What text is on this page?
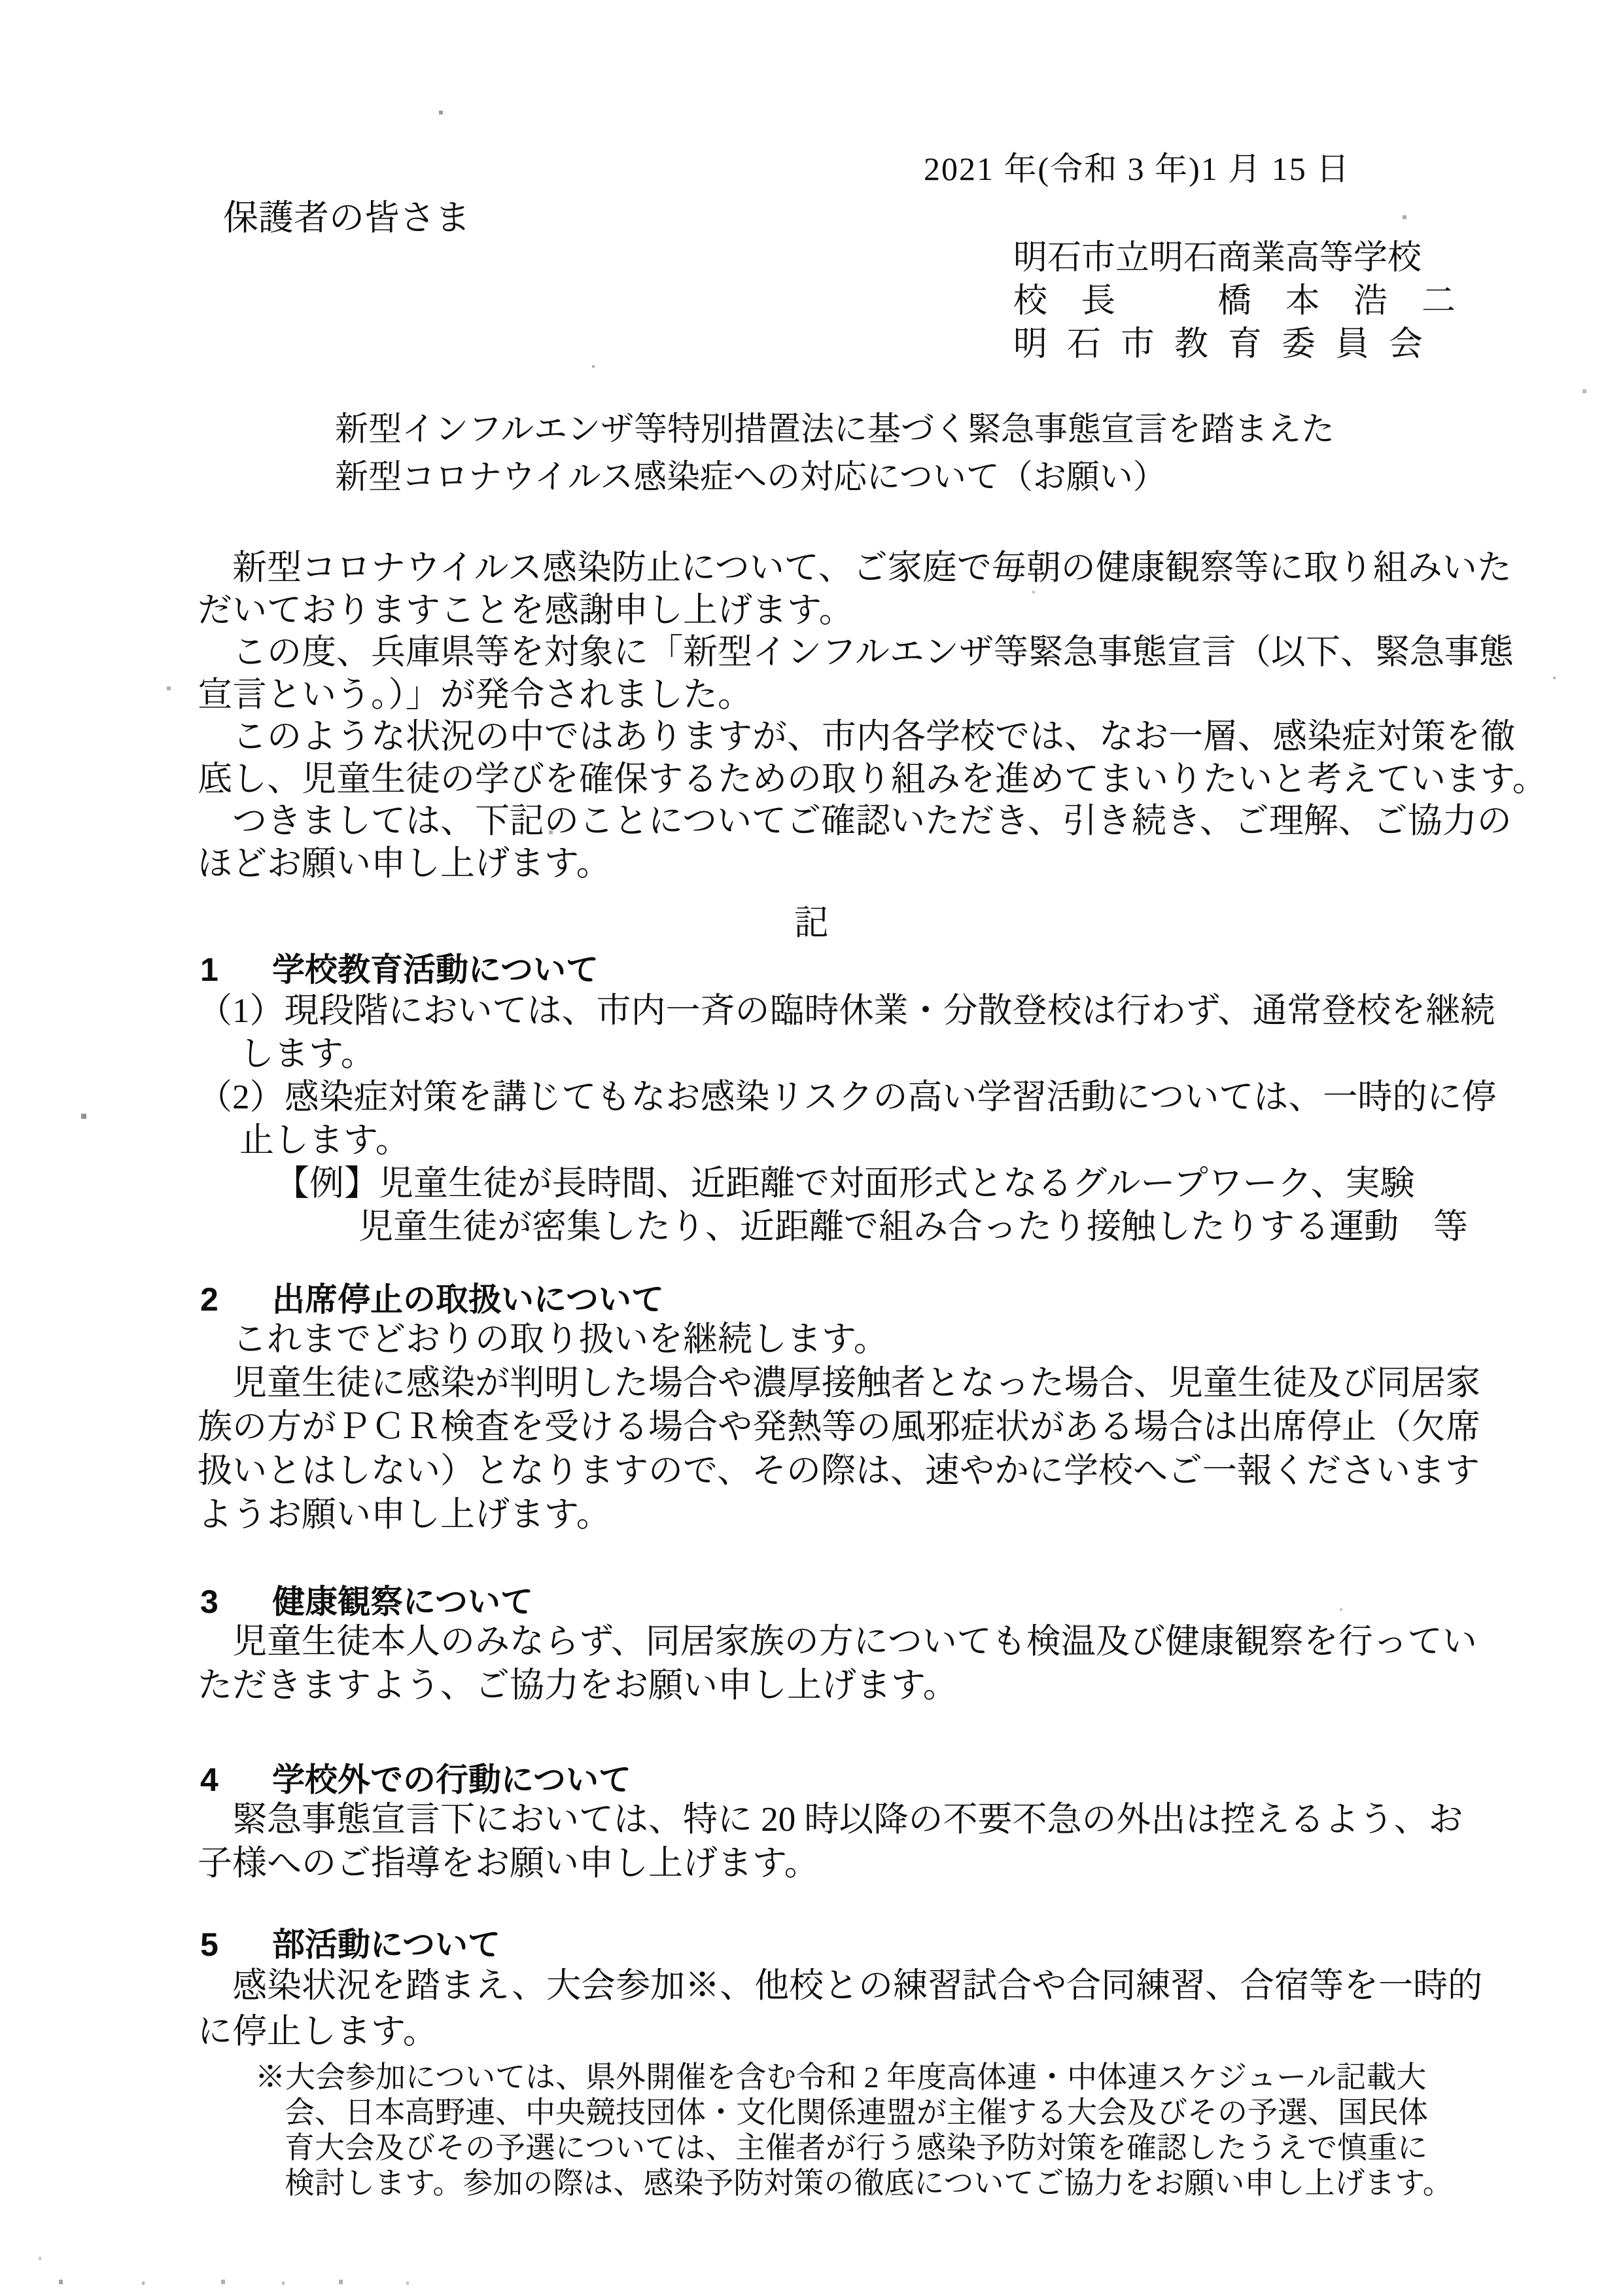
2021 年(令和 3 年)1 月 15 日
保護者の皆さま
明石市立明石商業高等学校
校　長　　　橋　本　浩　二
明石市教育委員会
新型インフルエンザ等特別措置法に基づく緊急事態宣言を踏まえた
新型コロナウイルス感染症への対応について（お願い）
　新型コロナウイルス感染防止について、ご家庭で毎朝の健康観察等に取り組みいた
だいておりますことを感謝申し上げます。
　この度、兵庫県等を対象に「新型インフルエンザ等緊急事態宣言（以下、緊急事態
宣言という。）」が発令されました。
　このような状況の中ではありますが、市内各学校では、なお一層、感染症対策を徹
底し、児童生徒の学びを確保するための取り組みを進めてまいりたいと考えています。
　つきましては、下記のことについてご確認いただき、引き続き、ご理解、ご協力の
ほどお願い申し上げます。
記
1 学校教育活動について
（1）現段階においては、市内一斉の臨時休業・分散登校は行わず、通常登校を継続
します。
（2）感染症対策を講じてもなお感染リスクの高い学習活動については、一時的に停
止します。
【例】児童生徒が長時間、近距離で対面形式となるグループワーク、実験
児童生徒が密集したり、近距離で組み合ったり接触したりする運動　等
2 出席停止の取扱いについて
　これまでどおりの取り扱いを継続します。
　児童生徒に感染が判明した場合や濃厚接触者となった場合、児童生徒及び同居家
族の方がＰＣＲ検査を受ける場合や発熱等の風邪症状がある場合は出席停止（欠席
扱いとはしない）となりますので、その際は、速やかに学校へご一報くださいます
ようお願い申し上げます。
3 健康観察について
　児童生徒本人のみならず、同居家族の方についても検温及び健康観察を行ってい
ただきますよう、ご協力をお願い申し上げます。
4 学校外での行動について
　緊急事態宣言下においては、特に 20 時以降の不要不急の外出は控えるよう、お
子様へのご指導をお願い申し上げます。
5 部活動について
　感染状況を踏まえ、大会参加※、他校との練習試合や合同練習、合宿等を一時的
に停止します。
※大会参加については、県外開催を含む令和 2 年度高体連・中体連スケジュール記載大
会、日本高野連、中央競技団体・文化関係連盟が主催する大会及びその予選、国民体
育大会及びその予選については、主催者が行う感染予防対策を確認したうえで慎重に
検討します。参加の際は、感染予防対策の徹底についてご協力をお願い申し上げます。
